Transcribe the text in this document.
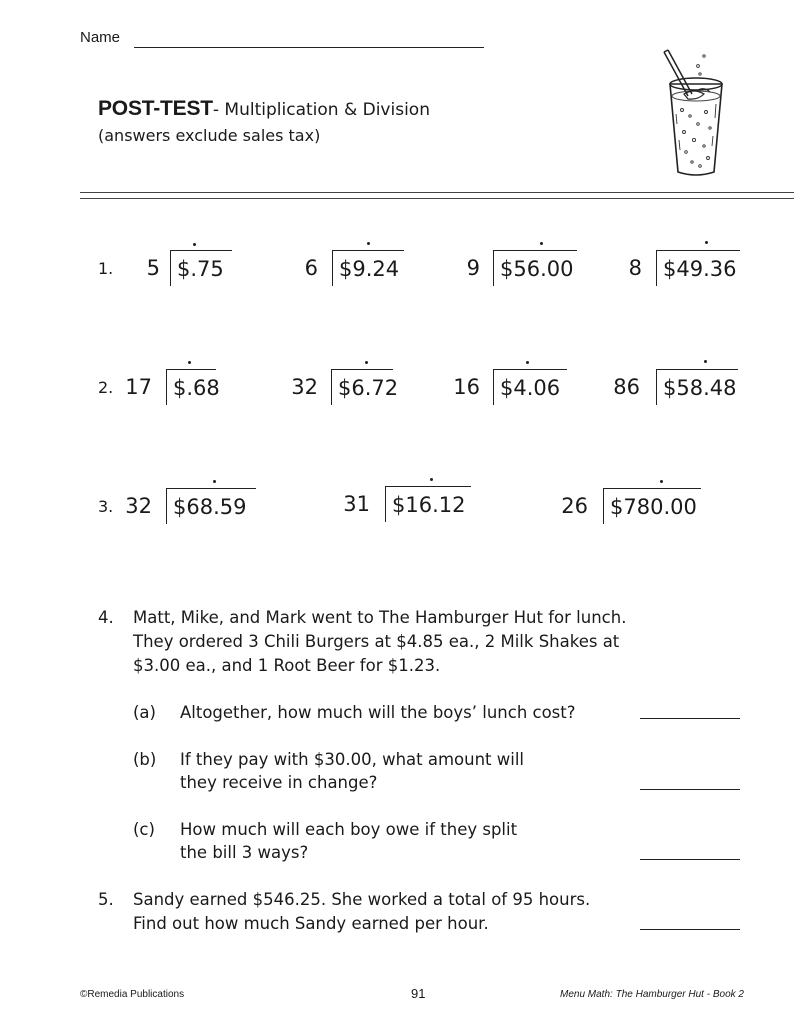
Name
POST-TEST- Multiplication & Division
(answers exclude sales tax)
1.	5 $.75	6	$9.24	9 $56.00	8	$49.36
2. 17	$.68	32 $6.72	16 $4.06	86	$58.48
3. 32	$68.59	31	$16.12	26	$780.00
4. Matt, Mike, and Mark went to The Hamburger Hut for lunch.
They ordered 3 Chili Burgers at $4.85 ea., 2 Milk Shakes at
$3.00 ea., and 1 Root Beer for $1.23.
(a) Altogether, how much will the boys’ lunch cost?
(b) If they pay with $30.00, what amount will
they receive in change?
(c) How much will each boy owe if they split
the bill 3 ways?
5. Sandy earned $546.25. She worked a total of 95 hours.
Find out how much Sandy earned per hour.
©Remedia Publications	91	Menu Math: The Hamburger Hut - Book 2
